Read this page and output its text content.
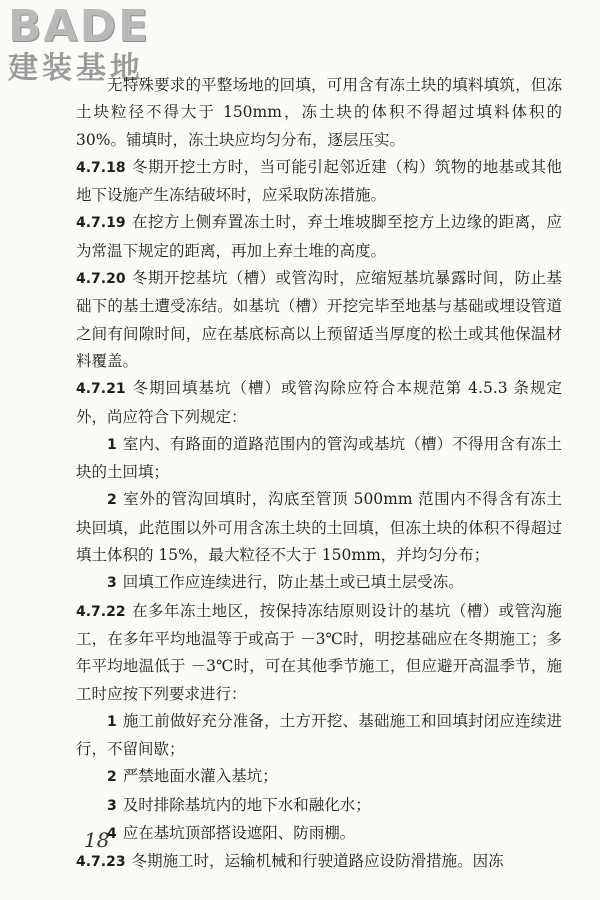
BADE
建装基地

无特殊要求的平整场地的回填，可用含有冻土块的填料填筑，但冻土块粒径不得大于 150mm，冻土块的体积不得超过填料体积的 30%。铺填时，冻土块应均匀分布，逐层压实。

4.7.18 冬期开挖土方时，当可能引起邻近建（构）筑物的地基或其他地下设施产生冻结破坏时，应采取防冻措施。

4.7.19 在挖方上侧弃置冻土时，弃土堆坡脚至挖方上边缘的距离，应为常温下规定的距离，再加上弃土堆的高度。

4.7.20 冬期开挖基坑（槽）或管沟时，应缩短基坑暴露时间，防止基础下的基土遭受冻结。如基坑（槽）开挖完毕至地基与基础或埋设管道之间有间隙时间，应在基底标高以上预留适当厚度的松土或其他保温材料覆盖。

4.7.21 冬期回填基坑（槽）或管沟除应符合本规范第 4.5.3 条规定外，尚应符合下列规定：

1 室内、有路面的道路范围内的管沟或基坑（槽）不得用含有冻土块的土回填；

2 室外的管沟回填时，沟底至管顶 500mm 范围内不得含有冻土块回填，此范围以外可用含冻土块的土回填，但冻土块的体积不得超过填土体积的 15%，最大粒径不大于 150mm，并均匀分布；

3 回填工作应连续进行，防止基土或已填土层受冻。

4.7.22 在多年冻土地区，按保持冻结原则设计的基坑（槽）或管沟施工，在多年平均地温等于或高于 －3℃时，明挖基础应在冬期施工；多年平均地温低于 －3℃时，可在其他季节施工，但应避开高温季节，施工时应按下列要求进行：

1 施工前做好充分准备，土方开挖、基础施工和回填封闭应连续进行，不留间歇；

2 严禁地面水灌入基坑；

3 及时排除基坑内的地下水和融化水；

4 应在基坑顶部搭设遮阳、防雨棚。

4.7.23 冬期施工时，运输机械和行驶道路应设防滑措施。因冻

18
